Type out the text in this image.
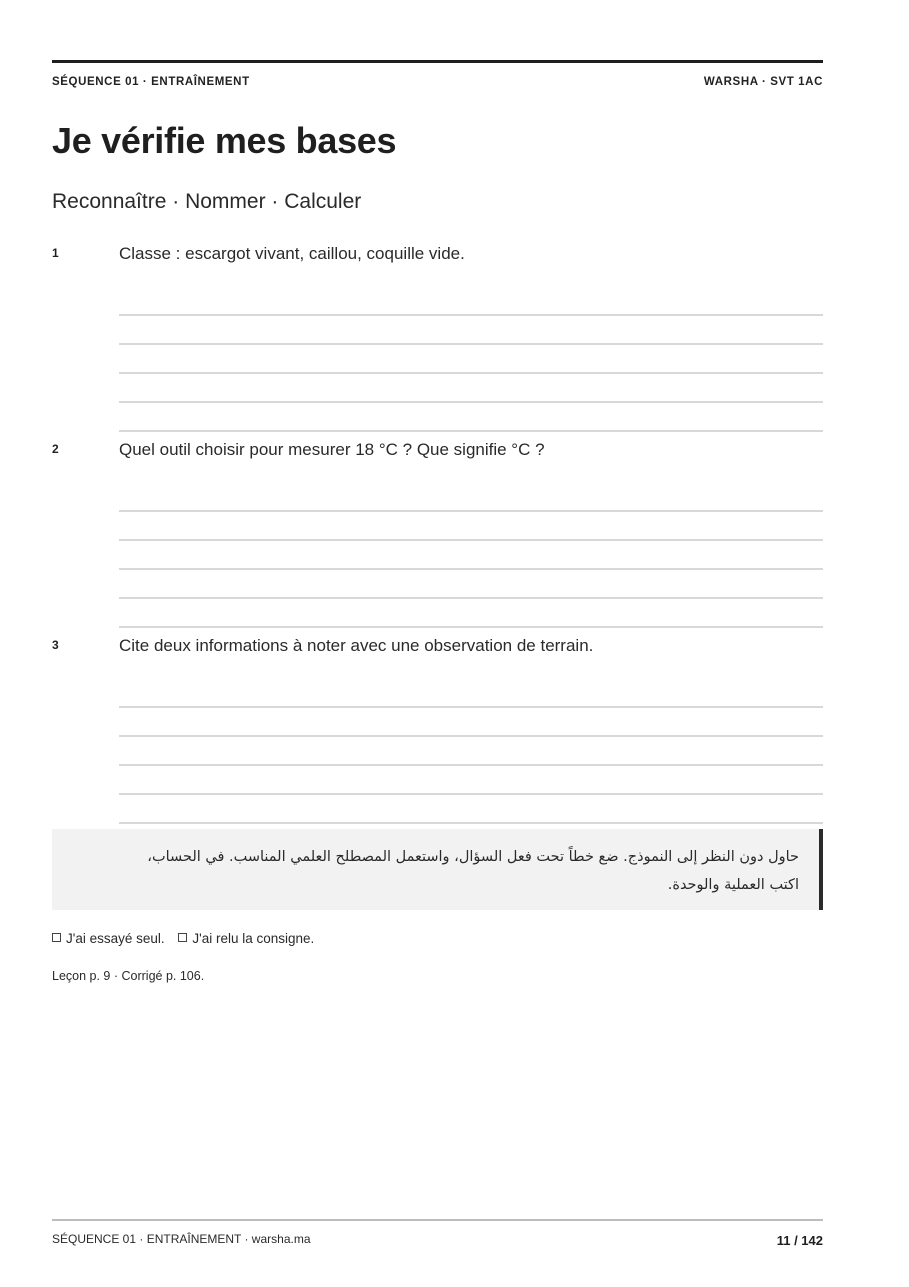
SÉQUENCE 01 · ENTRAÎNEMENT	WARSHA · SVT 1AC
Je vérifie mes bases
Reconnaître · Nommer · Calculer
1	Classe : escargot vivant, caillou, coquille vide.
2	Quel outil choisir pour mesurer 18 °C ? Que signifie °C ?
3	Cite deux informations à noter avec une observation de terrain.
حاول دون النظر إلى النموذج. ضع خطاً تحت فعل السؤال، واستعمل المصطلح العلمي المناسب. في الحساب،
اكتب العملية والوحدة.
J'ai essayé seul. J'ai relu la consigne.
Leçon p. 9 · Corrigé p. 106.
SÉQUENCE 01 · ENTRAÎNEMENT · warsha.ma	11 / 142
